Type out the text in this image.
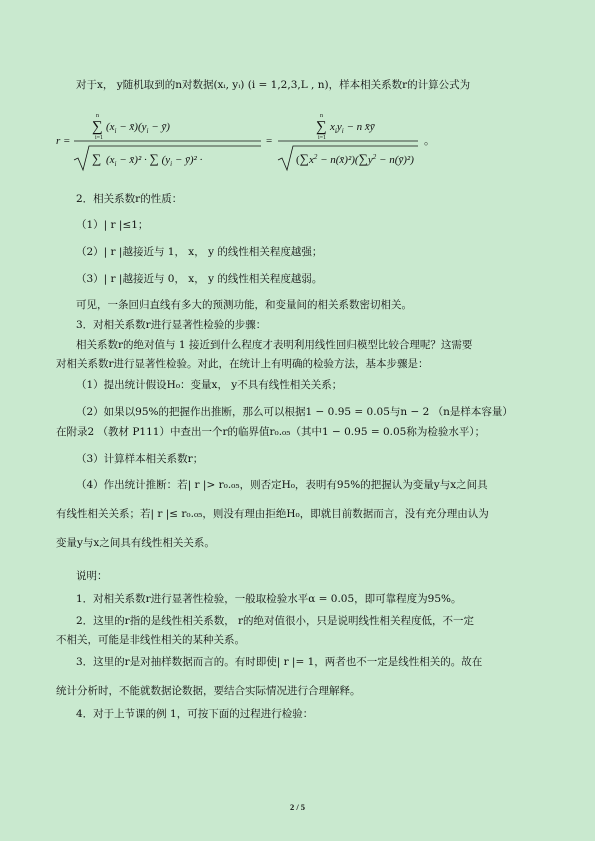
对于x， y随机取到的n对数据(xᵢ, yᵢ) (i = 1,2,3,L , n)，样本相关系数r的计算公式为
r =
n
∑
i=1
($x_i$ − $x̄)(y_i$ − ȳ)
∑ ($x_i$ − x̄)² · ∑ ($y_i$ − ȳ)² ·
=
n
∑
i=1
$x_iy_i - n$ x̄ȳ
($\sum x^2$ − $n(x̄)^2)(\sum y^2$ − n(ȳ)²)
。
2．相关系数r的性质：
（1）| r |≤1；
（2）| r |越接近与 1， x， y 的线性相关程度越强；
（3）| r |越接近与 0， x， y 的线性相关程度越弱。
可见，一条回归直线有多大的预测功能，和变量间的相关系数密切相关。
3．对相关系数r进行显著性检验的步骤：
相关系数r的绝对值与 1 接近到什么程度才表明利用线性回归模型比较合理呢？这需要
对相关系数r进行显著性检验。对此，在统计上有明确的检验方法，基本步骤是：
（1）提出统计假设H₀：变量x， y不具有线性相关关系；
（2）如果以95%的把握作出推断，那么可以根据1 − 0.95 = 0.05与n − 2 （n是样本容量）
在附录2 （教材 P111）中查出一个r的临界值r₀.₀₅（其中1 − 0.95 = 0.05称为检验水平）；
（3）计算样本相关系数r；
（4）作出统计推断：若| r |> r₀.₀₅，则否定H₀，表明有95%的把握认为变量y与x之间具
有线性相关关系；若| r |≤ r₀.₀₅，则没有理由拒绝H₀，即就目前数据而言，没有充分理由认为
变量y与x之间具有线性相关关系。
说明：
1．对相关系数r进行显著性检验，一般取检验水平α = 0.05，即可靠程度为95%。
2．这里的r指的是线性相关系数， r的绝对值很小，只是说明线性相关程度低，不一定
不相关，可能是非线性相关的某种关系。
3．这里的r是对抽样数据而言的。有时即使| r |= 1，两者也不一定是线性相关的。故在
统计分析时，不能就数据论数据，要结合实际情况进行合理解释。
4．对于上节课的例 1，可按下面的过程进行检验：
2 / 5
